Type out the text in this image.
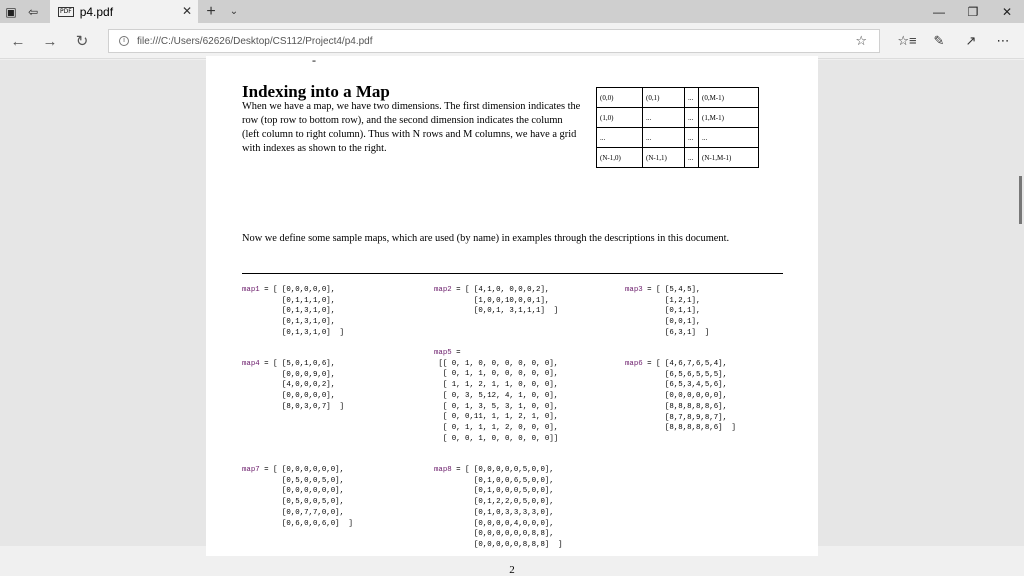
▣ ⇦	PDF p4.pdf	✕ +	⌄	—	❐	✕
← → ↻	i	file:///C:/Users/62626/Desktop/CS112/Project4/p4.pdf	☆ ☆≡	✎	↗	⋯
-
Indexing into a Map
When we have a map, we have two dimensions. The first dimension indicates the row (top row to bottom row), and the second dimension indicates the column (left column to right column). Thus with N rows and M columns, we have a grid with indexes as shown to the right.
(0,0)	(0,1)	...	(0,M-1)
(1,0)	...	...	(1,M-1)
...	...	...	...
(N-1,0)	(N-1,1)	...	(N-1,M-1)
Now we define some sample maps, which are used (by name) in examples through the descriptions in this document.
map1 = [ [0,0,0,0,0],
[0,1,1,1,0],
[0,1,3,1,0],
[0,1,3,1,0],
[0,1,3,1,0]  ]
map2 = [ [4,1,0, 0,0,0,2],
[1,0,0,10,0,0,1],
[0,0,1, 3,1,1,1]  ]
map3 = [ [5,4,5],
[1,2,1],
[0,1,1],
[0,0,1],
[6,3,1]  ]
map4 = [ [5,0,1,0,6],
[0,0,0,9,0],
[4,0,0,0,2],
[0,0,0,0,0],
[8,0,3,0,7]  ]
map5 =
[[ 0, 1, 0, 0, 0, 0, 0, 0],
[ 0, 1, 1, 0, 0, 0, 0, 0],
[ 1, 1, 2, 1, 1, 0, 0, 0],
[ 0, 3, 5,12, 4, 1, 0, 0],
[ 0, 1, 3, 5, 3, 1, 0, 0],
[ 0, 0,11, 1, 1, 2, 1, 0],
[ 0, 1, 1, 1, 2, 0, 0, 0],
[ 0, 0, 1, 0, 0, 0, 0, 0]]
map6 = [ [4,6,7,6,5,4],
[6,5,6,5,5,5],
[6,5,3,4,5,6],
[0,0,0,0,0,0],
[8,8,8,8,8,6],
[8,7,8,9,8,7],
[8,8,8,8,8,6]  ]
map7 = [ [0,0,0,0,0,0],
[0,5,0,0,5,0],
[0,0,0,0,0,0],
[0,5,0,0,5,0],
[0,0,7,7,0,0],
[0,6,0,0,6,0]  ]
map8 = [ [0,0,0,0,0,5,0,0],
[0,1,0,0,6,5,0,0],
[0,1,0,0,0,5,0,0],
[0,1,2,2,0,5,0,0],
[0,1,0,3,3,3,3,0],
[0,0,0,0,4,0,0,0],
[0,0,0,0,0,0,8,8],
[0,0,0,0,0,8,8,8]  ]
2
